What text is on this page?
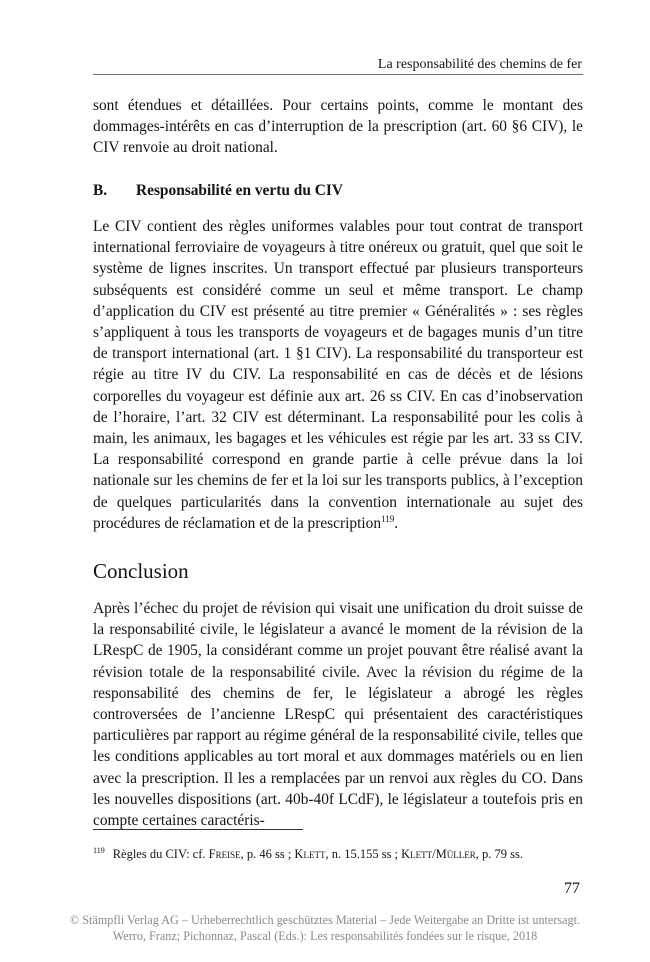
La responsabilité des chemins de fer

sont étendues et détaillées. Pour certains points, comme le montant des dommages-intérêts en cas d’interruption de la prescription (art. 60 §6 CIV), le CIV renvoie au droit national.

B. Responsabilité en vertu du CIV

Le CIV contient des règles uniformes valables pour tout contrat de transport international ferroviaire de voyageurs à titre onéreux ou gratuit, quel que soit le système de lignes inscrites. Un transport effectué par plusieurs transporteurs subséquents est considéré comme un seul et même transport. Le champ d’application du CIV est présenté au titre premier « Généralités » : ses règles s’appliquent à tous les transports de voyageurs et de bagages munis d’un titre de transport international (art. 1 §1 CIV). La responsabilité du transporteur est régie au titre IV du CIV. La responsabilité en cas de décès et de lésions corporelles du voyageur est définie aux art. 26 ss CIV. En cas d’inobservation de l’horaire, l’art. 32 CIV est déterminant. La responsabilité pour les colis à main, les animaux, les bagages et les véhicules est régie par les art. 33 ss CIV. La responsabilité correspond en grande partie à celle prévue dans la loi nationale sur les chemins de fer et la loi sur les transports publics, à l’exception de quelques particularités dans la convention internationale au sujet des procédures de réclamation et de la prescription$^{119}$.

Conclusion

Après l’échec du projet de révision qui visait une unification du droit suisse de la responsabilité civile, le législateur a avancé le moment de la révision de la LRespC de 1905, la considérant comme un projet pouvant être réalisé avant la révision totale de la responsabilité civile. Avec la révision du régime de la responsabilité des chemins de fer, le législateur a abrogé les règles controversées de l’ancienne LRespC qui présentaient des caractéristiques particulières par rapport au régime général de la responsabilité civile, telles que les conditions applicables au tort moral et aux dommages matériels ou en lien avec la prescription. Il les a remplacées par un renvoi aux règles du CO. Dans les nouvelles dispositions (art. 40b-40f LCdF), le législateur a toutefois pris en compte certaines caractéris-

$^{119}$ Règles du CIV: cf. Freise, p. 46 ss ; Klett, n. 15.155 ss ; Klett/Müller, p. 79 ss.

77

© Stämpfli Verlag AG – Urheberrechtlich geschütztes Material – Jede Weitergabe an Dritte ist untersagt.

Werro, Franz; Pichonnaz, Pascal (Eds.): Les responsabilités fondées sur le risque, 2018
